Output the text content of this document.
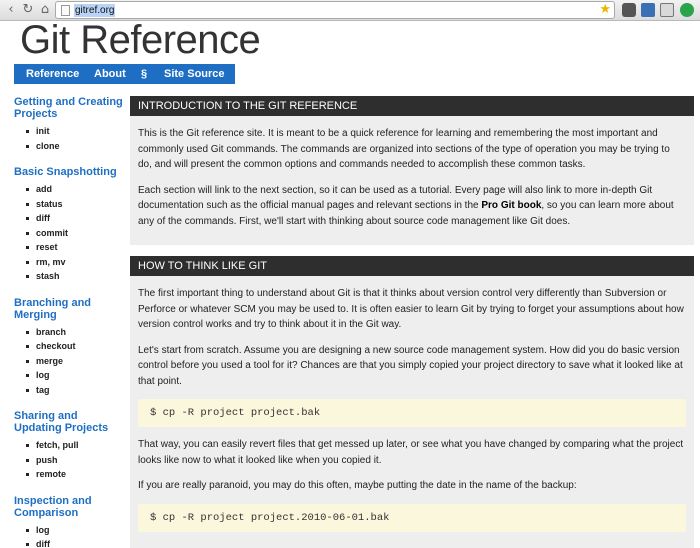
‹ ↻ ⌂	gitref.org	★
Git Reference
Reference About § Site Source
Getting and Creating Projects
init
clone
Basic Snapshotting
add
status
diff
commit
reset
rm, mv
stash
Branching and Merging
branch
checkout
merge
log
tag
Sharing and Updating Projects
fetch, pull
push
remote
Inspection and Comparison
log
diff
INTRODUCTION TO THE GIT REFERENCE

This is the Git reference site. It is meant to be a quick reference for learning and remembering the most important and commonly used Git commands. The commands are organized into sections of the type of operation you may be trying to do, and will present the common options and commands needed to accomplish these common tasks.

Each section will link to the next section, so it can be used as a tutorial. Every page will also link to more in-depth Git documentation such as the official manual pages and relevant sections in the Pro Git book, so you can learn more about any of the commands. First, we'll start with thinking about source code management like Git does.

HOW TO THINK LIKE GIT

The first important thing to understand about Git is that it thinks about version control very differently than Subversion or Perforce or whatever SCM you may be used to. It is often easier to learn Git by trying to forget your assumptions about how version control works and try to think about it in the Git way.

Let's start from scratch. Assume you are designing a new source code management system. How did you do basic version control before you used a tool for it? Chances are that you simply copied your project directory to save what it looked like at that point.

$ cp -R project project.bak

That way, you can easily revert files that get messed up later, or see what you have changed by comparing what the project looks like now to what it looked like when you copied it.

If you are really paranoid, you may do this often, maybe putting the date in the name of the backup:

$ cp -R project project.2010-06-01.bak
